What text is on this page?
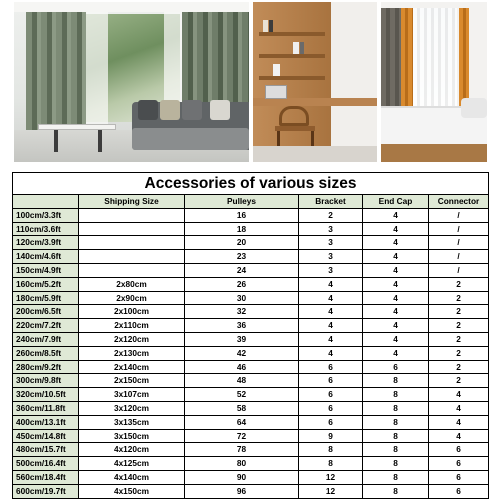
Accessories of various sizes					
	Shipping Size	Pulleys	Bracket	End Cap	Connector
100cm/3.3ft		16	2	4	/
110cm/3.6ft		18	3	4	/
120cm/3.9ft		20	3	4	/
140cm/4.6ft		23	3	4	/
150cm/4.9ft		24	3	4	/
160cm/5.2ft	2x80cm	26	4	4	2
180cm/5.9ft	2x90cm	30	4	4	2
200cm/6.5ft	2x100cm	32	4	4	2
220cm/7.2ft	2x110cm	36	4	4	2
240cm/7.9ft	2x120cm	39	4	4	2
260cm/8.5ft	2x130cm	42	4	4	2
280cm/9.2ft	2x140cm	46	6	6	2
300cm/9.8ft	2x150cm	48	6	8	2
320cm/10.5ft	3x107cm	52	6	8	4
360cm/11.8ft	3x120cm	58	6	8	4
400cm/13.1ft	3x135cm	64	6	8	4
450cm/14.8ft	3x150cm	72	9	8	4
480cm/15.7ft	4x120cm	78	8	8	6
500cm/16.4ft	4x125cm	80	8	8	6
560cm/18.4ft	4x140cm	90	12	8	6
600cm/19.7ft	4x150cm	96	12	8	6
